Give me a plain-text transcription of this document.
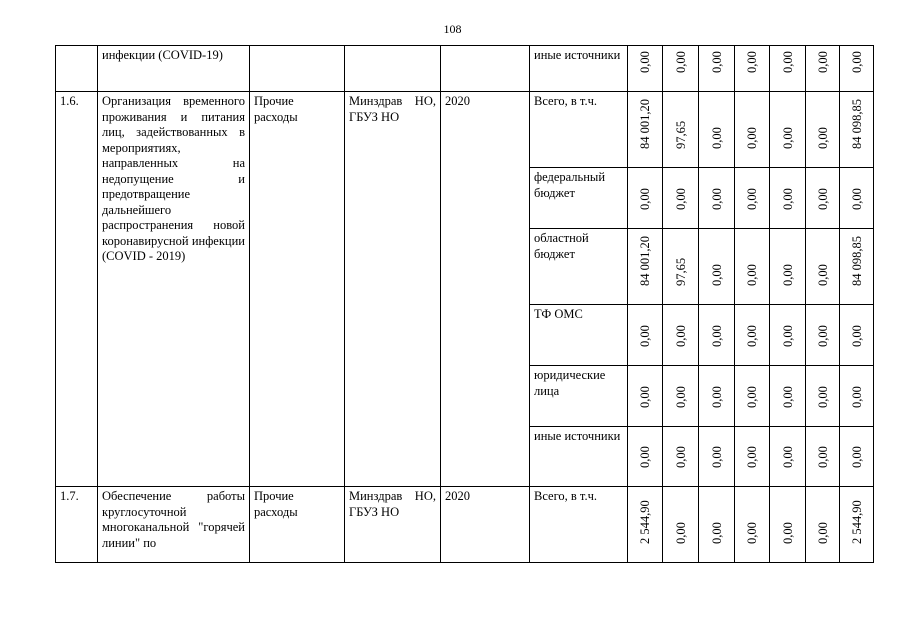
108
	инфекции (COVID-19)				иные источники	0,00	0,00	0,00	0,00	0,00	0,00	0,00

1.6.	Организация временного проживания и питания лиц, задействованных в мероприятиях, направленных на недопущение и предотвращение дальнейшего распространения новой коронавирусной инфекции (COVID - 2019)	Прочие расходы	Минздрав НО, ГБУЗ НО	2020	Всего, в т.ч.	84 001,20	97,65	0,00	0,00	0,00	0,00	84 098,85

					федеральный бюджет	0,00	0,00	0,00	0,00	0,00	0,00	0,00

					областной бюджет	84 001,20	97,65	0,00	0,00	0,00	0,00	84 098,85

					ТФ ОМС	0,00	0,00	0,00	0,00	0,00	0,00	0,00

					юридические лица	0,00	0,00	0,00	0,00	0,00	0,00	0,00

					иные источники	0,00	0,00	0,00	0,00	0,00	0,00	0,00

1.7.	Обеспечение работы круглосуточной многоканальной "горячей линии" по	Прочие расходы	Минздрав НО, ГБУЗ НО	2020	Всего, в т.ч.	2 544,90	0,00	0,00	0,00	0,00	0,00	2 544,90
